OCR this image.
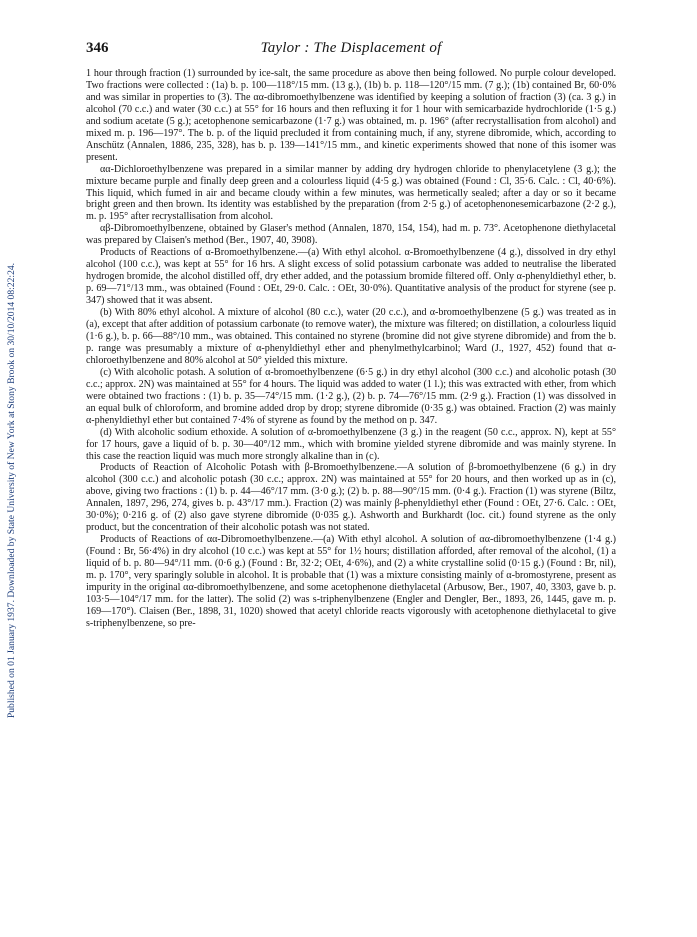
Published on 01 January 1937. Downloaded by State University of New York at Stony Brook on 30/10/2014 08:22:24.
346	Taylor : The Displacement of

1 hour through fraction (1) surrounded by ice-salt, the same procedure as above then being followed. No purple colour developed. Two fractions were collected : (1a) b. p. 100—118°/15 mm. (13 g.), (1b) b. p. 118—120°/15 mm. (7 g.); (1b) contained Br, 60·0% and was similar in properties to (3). The αα-dibromoethylbenzene was identified by keeping a solution of fraction (3) (ca. 3 g.) in alcohol (70 c.c.) and water (30 c.c.) at 55° for 16 hours and then refluxing it for 1 hour with semicarbazide hydrochloride (1·5 g.) and sodium acetate (5 g.); acetophenone semicarbazone (1·7 g.) was obtained, m. p. 196° (after recrystallisation from alcohol) and mixed m. p. 196—197°. The b. p. of the liquid precluded it from containing much, if any, styrene dibromide, which, according to Anschütz (Annalen, 1886, 235, 328), has b. p. 139—141°/15 mm., and kinetic experiments showed that none of this isomer was present.

αα-Dichloroethylbenzene was prepared in a similar manner by adding dry hydrogen chloride to phenylacetylene (3 g.); the mixture became purple and finally deep green and a colourless liquid (4·5 g.) was obtained (Found : Cl, 35·6. Calc. : Cl, 40·6%). This liquid, which fumed in air and became cloudy within a few minutes, was hermetically sealed; after a day or so it became bright green and then brown. Its identity was established by the preparation (from 2·5 g.) of acetophenonesemicarbazone (2·2 g.), m. p. 195° after recrystallisation from alcohol.

αβ-Dibromoethylbenzene, obtained by Glaser's method (Annalen, 1870, 154, 154), had m. p. 73°. Acetophenone diethylacetal was prepared by Claisen's method (Ber., 1907, 40, 3908).

Products of Reactions of α-Bromoethylbenzene.—(a) With ethyl alcohol. α-Bromoethylbenzene (4 g.), dissolved in dry ethyl alcohol (100 c.c.), was kept at 55° for 16 hrs. A slight excess of solid potassium carbonate was added to neutralise the liberated hydrogen bromide, the alcohol distilled off, dry ether added, and the potassium bromide filtered off. Only α-phenyldiethyl ether, b. p. 69—71°/13 mm., was obtained (Found : OEt, 29·0. Calc. : OEt, 30·0%). Quantitative analysis of the product for styrene (see p. 347) showed that it was absent.

(b) With 80% ethyl alcohol. A mixture of alcohol (80 c.c.), water (20 c.c.), and α-bromoethylbenzene (5 g.) was treated as in (a), except that after addition of potassium carbonate (to remove water), the mixture was filtered; on distillation, a colourless liquid (1·6 g.), b. p. 66—88°/10 mm., was obtained. This contained no styrene (bromine did not give styrene dibromide) and from the b. p. range was presumably a mixture of α-phenyldiethyl ether and phenylmethylcarbinol; Ward (J., 1927, 452) found that α-chloroethylbenzene and 80% alcohol at 50° yielded this mixture.

(c) With alcoholic potash. A solution of α-bromoethylbenzene (6·5 g.) in dry ethyl alcohol (300 c.c.) and alcoholic potash (30 c.c.; approx. 2N) was maintained at 55° for 4 hours. The liquid was added to water (1 l.); this was extracted with ether, from which were obtained two fractions : (1) b. p. 35—74°/15 mm. (1·2 g.), (2) b. p. 74—76°/15 mm. (2·9 g.). Fraction (1) was dissolved in an equal bulk of chloroform, and bromine added drop by drop; styrene dibromide (0·35 g.) was obtained. Fraction (2) was mainly α-phenyldiethyl ether but contained 7·4% of styrene as found by the method on p. 347.

(d) With alcoholic sodium ethoxide. A solution of α-bromoethylbenzene (3 g.) in the reagent (50 c.c., approx. N), kept at 55° for 17 hours, gave a liquid of b. p. 30—40°/12 mm., which with bromine yielded styrene dibromide and was mainly styrene. In this case the reaction liquid was much more strongly alkaline than in (c).

Products of Reaction of Alcoholic Potash with β-Bromoethylbenzene.—A solution of β-bromoethylbenzene (6 g.) in dry alcohol (300 c.c.) and alcoholic potash (30 c.c.; approx. 2N) was maintained at 55° for 20 hours, and then worked up as in (c), above, giving two fractions : (1) b. p. 44—46°/17 mm. (3·0 g.); (2) b. p. 88—90°/15 mm. (0·4 g.). Fraction (1) was styrene (Biltz, Annalen, 1897, 296, 274, gives b. p. 43°/17 mm.). Fraction (2) was mainly β-phenyldiethyl ether (Found : OEt, 27·6. Calc. : OEt, 30·0%); 0·216 g. of (2) also gave styrene dibromide (0·035 g.). Ashworth and Burkhardt (loc. cit.) found styrene as the only product, but the concentration of their alcoholic potash was not stated.

Products of Reactions of αα-Dibromoethylbenzene.—(a) With ethyl alcohol. A solution of αα-dibromoethylbenzene (1·4 g.) (Found : Br, 56·4%) in dry alcohol (10 c.c.) was kept at 55° for 1½ hours; distillation afforded, after removal of the alcohol, (1) a liquid of b. p. 80—94°/11 mm. (0·6 g.) (Found : Br, 32·2; OEt, 4·6%), and (2) a white crystalline solid (0·15 g.) (Found : Br, nil), m. p. 170°, very sparingly soluble in alcohol. It is probable that (1) was a mixture consisting mainly of α-bromostyrene, present as impurity in the original αα-dibromoethylbenzene, and some acetophenone diethylacetal (Arbusow, Ber., 1907, 40, 3303, gave b. p. 103·5—104°/17 mm. for the latter). The solid (2) was s-triphenylbenzene (Engler and Dengler, Ber., 1893, 26, 1445, gave m. p. 169—170°). Claisen (Ber., 1898, 31, 1020) showed that acetyl chloride reacts vigorously with acetophenone diethylacetal to give s-triphenylbenzene, so pre-
